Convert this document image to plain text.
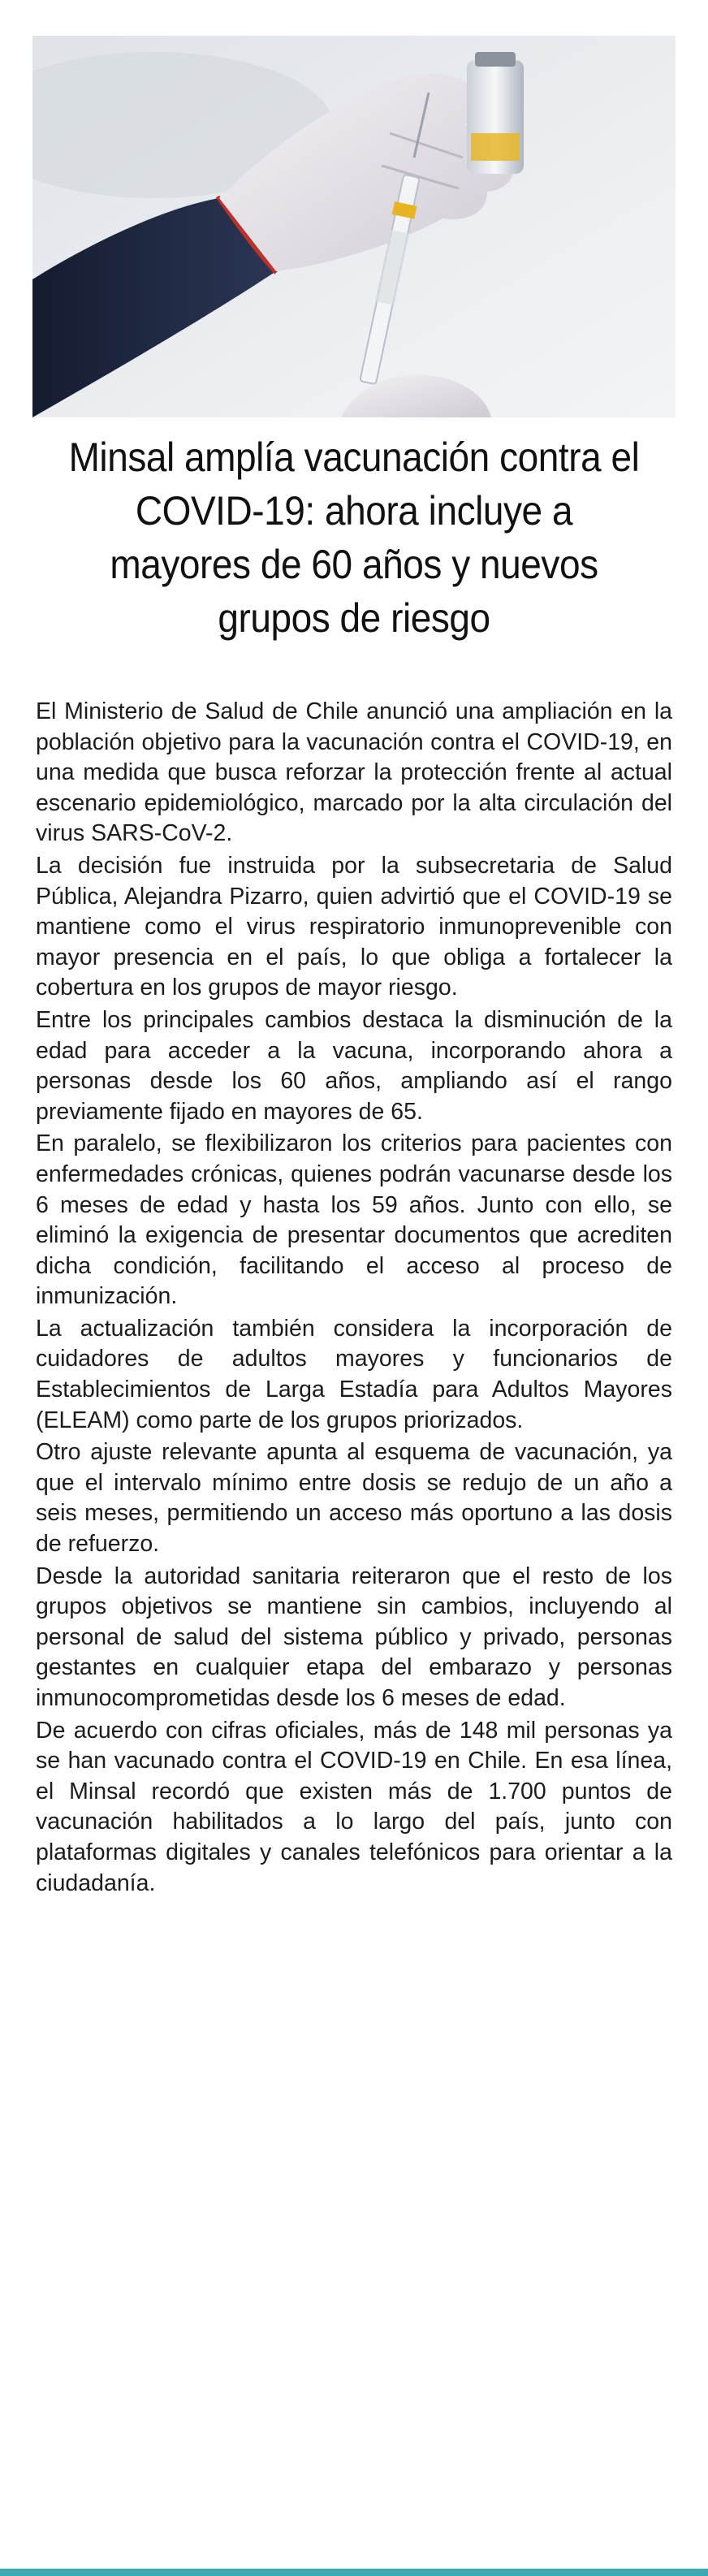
Minsal amplía vacunación contra el COVID-19: ahora incluye a mayores de 60 años y nuevos grupos de riesgo

El Ministerio de Salud de Chile anunció una ampliación en la población objetivo para la vacunación contra el COVID-19, en una medida que busca reforzar la protección frente al actual escenario epidemiológico, marcado por la alta circulación del virus SARS-CoV-2.

La decisión fue instruida por la subsecretaria de Salud Pública, Alejandra Pizarro, quien advirtió que el COVID-19 se mantiene como el virus respiratorio inmunoprevenible con mayor presencia en el país, lo que obliga a fortalecer la cobertura en los grupos de mayor riesgo.

Entre los principales cambios destaca la disminución de la edad para acceder a la vacuna, incorporando ahora a personas desde los 60 años, ampliando así el rango previamente fijado en mayores de 65.

En paralelo, se flexibilizaron los criterios para pacientes con enfermedades crónicas, quienes podrán vacunarse desde los 6 meses de edad y hasta los 59 años. Junto con ello, se eliminó la exigencia de presentar documentos que acrediten dicha condición, facilitando el acceso al proceso de inmunización.

La actualización también considera la incorporación de cuidadores de adultos mayores y funcionarios de Establecimientos de Larga Estadía para Adultos Mayores (ELEAM) como parte de los grupos priorizados.

Otro ajuste relevante apunta al esquema de vacunación, ya que el intervalo mínimo entre dosis se redujo de un año a seis meses, permitiendo un acceso más oportuno a las dosis de refuerzo.

Desde la autoridad sanitaria reiteraron que el resto de los grupos objetivos se mantiene sin cambios, incluyendo al personal de salud del sistema público y privado, personas gestantes en cualquier etapa del embarazo y personas inmunocomprometidas desde los 6 meses de edad.

De acuerdo con cifras oficiales, más de 148 mil personas ya se han vacunado contra el COVID-19 en Chile. En esa línea, el Minsal recordó que existen más de 1.700 puntos de vacunación habilitados a lo largo del país, junto con plataformas digitales y canales telefónicos para orientar a la ciudadanía.
